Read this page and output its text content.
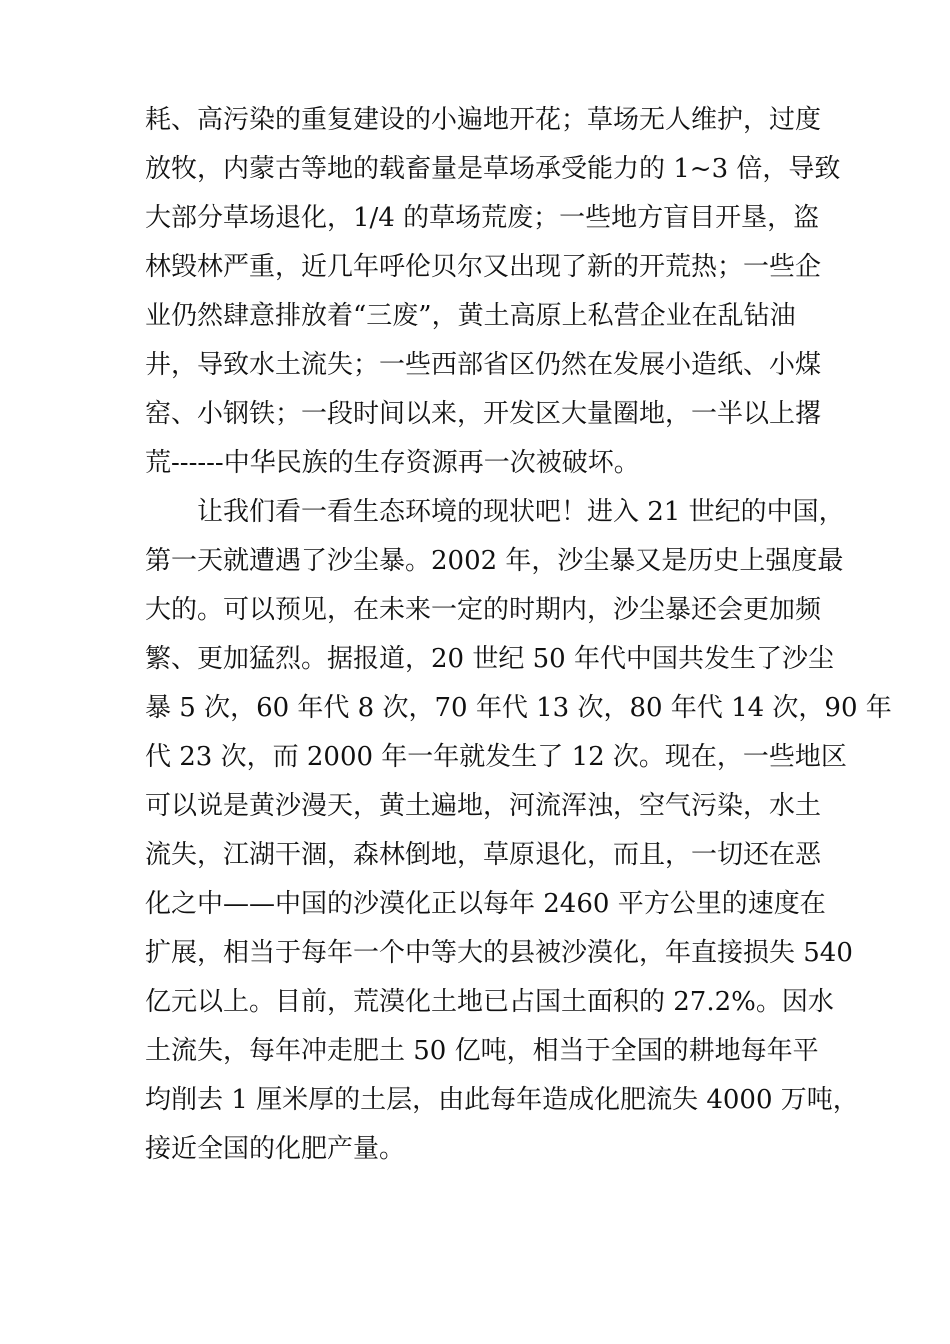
耗、高污染的重复建设的小遍地开花；草场无人维护，过度
放牧，内蒙古等地的载畜量是草场承受能力的 1~3 倍，导致
大部分草场退化，1/4 的草场荒废；一些地方盲目开垦，盗
林毁林严重，近几年呼伦贝尔又出现了新的开荒热；一些企
业仍然肆意排放着“三废”，黄土高原上私营企业在乱钻油
井，导致水土流失；一些西部省区仍然在发展小造纸、小煤
窑、小钢铁；一段时间以来，开发区大量圈地，一半以上撂
荒------中华民族的生存资源再一次被破坏。
让我们看一看生态环境的现状吧！进入 21 世纪的中国，
第一天就遭遇了沙尘暴。2002 年，沙尘暴又是历史上强度最
大的。可以预见，在未来一定的时期内，沙尘暴还会更加频
繁、更加猛烈。据报道，20 世纪 50 年代中国共发生了沙尘
暴 5 次，60 年代 8 次，70 年代 13 次，80 年代 14 次，90 年
代 23 次，而 2000 年一年就发生了 12 次。现在，一些地区
可以说是黄沙漫天，黄土遍地，河流浑浊，空气污染，水土
流失，江湖干涸，森林倒地，草原退化，而且，一切还在恶
化之中——中国的沙漠化正以每年 2460 平方公里的速度在
扩展，相当于每年一个中等大的县被沙漠化，年直接损失 540
亿元以上。目前，荒漠化土地已占国土面积的 27.2%。因水
土流失，每年冲走肥土 50 亿吨，相当于全国的耕地每年平
均削去 1 厘米厚的土层，由此每年造成化肥流失 4000 万吨，
接近全国的化肥产量。
